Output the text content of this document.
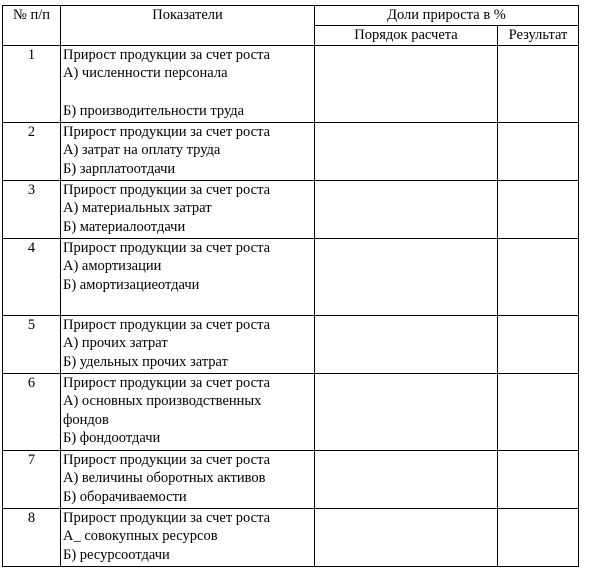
№ п/п	Показатели	Доли прироста в %	
		Порядок расчета	Результат
1	Прирост продукции за счет роста
А) численности персонала
Б) производительности труда		

2	Прирост продукции за счет роста
А) затрат на оплату труда
Б) зарплатоотдачи		

3	Прирост продукции за счет роста
А) материальных затрат
Б) материалоотдачи		

4	Прирост продукции за счет роста
А) амортизации
Б) амортизациеотдачи		

5	Прирост продукции за счет роста
А) прочих затрат
Б) удельных прочих затрат		

6	Прирост продукции за счет роста
А) основных производственных фондов
Б) фондоотдачи		

7	Прирост продукции за счет роста
А) величины оборотных активов
Б) оборачиваемости		

8	Прирост продукции за счет роста
А_ совокупных ресурсов
Б) ресурсоотдачи		
